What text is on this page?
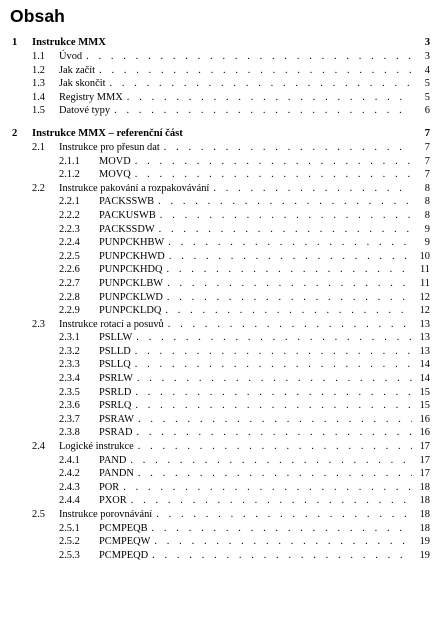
Obsah
1	Instrukce MMX	3
1.1	Úvod . . .	3
1.2	Jak začít . . .	4
1.3	Jak skončit . . .	5
1.4	Registry MMX . . .	5
1.5	Datové typy . . .	6
2	Instrukce MMX – referenční část	7
2.1	Instrukce pro přesun dat . . .	7
2.1.1	MOVD . . .	7
2.1.2	MOVQ . . .	7
2.2	Instrukce pakování a rozpakovávání . . .	8
2.2.1	PACKSSWB . . .	8
2.2.2	PACKUSWB . . .	8
2.2.3	PACKSSDW . . .	9
2.2.4	PUNPCKHBW . . .	9
2.2.5	PUNPCKHWD . . .	10
2.2.6	PUNPCKHDQ . . .	11
2.2.7	PUNPCKLBW . . .	11
2.2.8	PUNPCKLWD . . .	12
2.2.9	PUNPCKLDQ . . .	12
2.3	Instrukce rotací a posuvů . . .	13
2.3.1	PSLLW . . .	13
2.3.2	PSLLD . . .	13
2.3.3	PSLLQ . . .	14
2.3.4	PSRLW . . .	14
2.3.5	PSRLD . . .	15
2.3.6	PSRLQ . . .	15
2.3.7	PSRAW . . .	16
2.3.8	PSRAD . . .	16
2.4	Logické instrukce . . .	17
2.4.1	PAND . . .	17
2.4.2	PANDN . . .	17
2.4.3	POR . . .	18
2.4.4	PXOR . . .	18
2.5	Instrukce porovnávání . . .	18
2.5.1	PCMPEQB . . .	18
2.5.2	PCMPEQW . . .	19
2.5.3	PCMPEQD . . .	19
